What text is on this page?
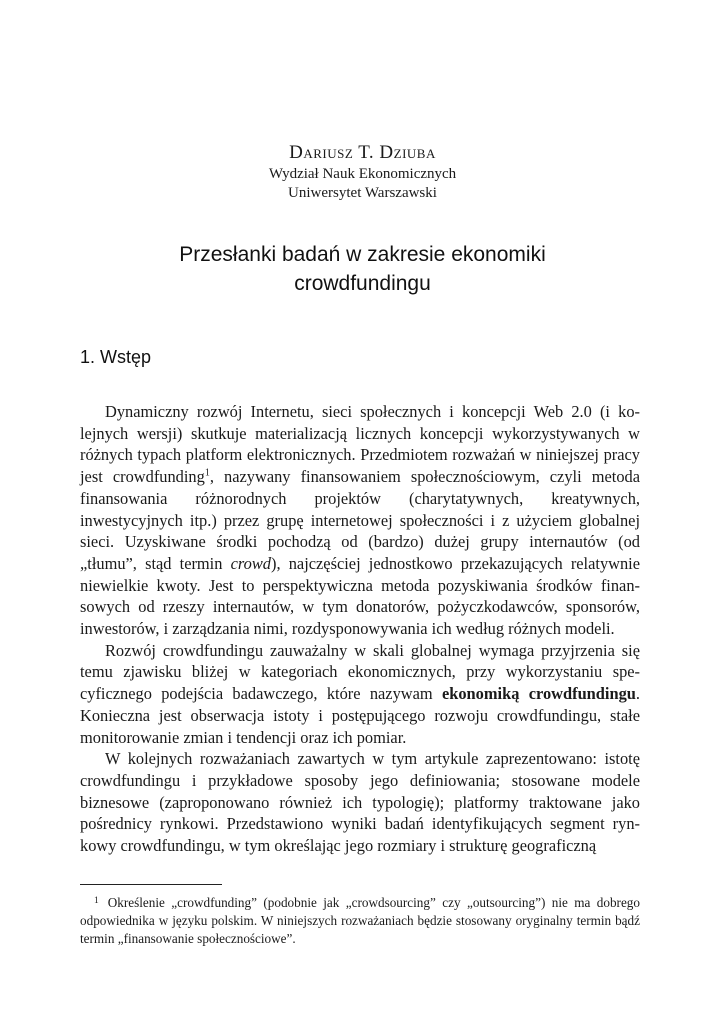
Dariusz T. Dziuba
Wydział Nauk Ekonomicznych
Uniwersytet Warszawski
Przesłanki badań w zakresie ekonomiki
crowdfundingu
1. Wstęp

Dynamiczny rozwój Internetu, sieci społecznych i koncepcji Web 2.0 (i ko-lejnych wersji) skutkuje materializacją licznych koncepcji wykorzystywanych w różnych typach platform elektronicznych. Przedmiotem rozważań w niniejszej pracy jest crowdfunding$^1$, nazywany finansowaniem społecznościowym, czyli metoda finansowania różnorodnych projektów (charytatywnych, kreatywnych, inwestycyjnych itp.) przez grupę internetowej społeczności i z użyciem globalnej sieci. Uzyskiwane środki pochodzą od (bardzo) dużej grupy internautów (od „tłumu”, stąd termin crowd), najczęściej jednostkowo przekazujących relatywnie niewielkie kwoty. Jest to perspektywiczna metoda pozyskiwania środków finan-sowych od rzeszy internautów, w tym donatorów, pożyczkodawców, sponsorów, inwestorów, i zarządzania nimi, rozdysponowywania ich według różnych modeli.

Rozwój crowdfundingu zauważalny w skali globalnej wymaga przyjrzenia się temu zjawisku bliżej w kategoriach ekonomicznych, przy wykorzystaniu spe-cyficznego podejścia badawczego, które nazywam ekonomiką crowdfundingu. Konieczna jest obserwacja istoty i postępującego rozwoju crowdfundingu, stałe monitorowanie zmian i tendencji oraz ich pomiar.

W kolejnych rozważaniach zawartych w tym artykule zaprezentowano: istotę crowdfundingu i przykładowe sposoby jego definiowania; stosowane modele biznesowe (zaproponowano również ich typologię); platformy traktowane jako pośrednicy rynkowi. Przedstawiono wyniki badań identyfikujących segment ryn-kowy crowdfundingu, w tym określając jego rozmiary i strukturę geograficzną

$^1$ Określenie „crowdfunding” (podobnie jak „crowdsourcing” czy „outsourcing”) nie ma dobrego odpowiednika w języku polskim. W niniejszych rozważaniach będzie stosowany oryginalny termin bądź termin „finansowanie społecznościowe”.
